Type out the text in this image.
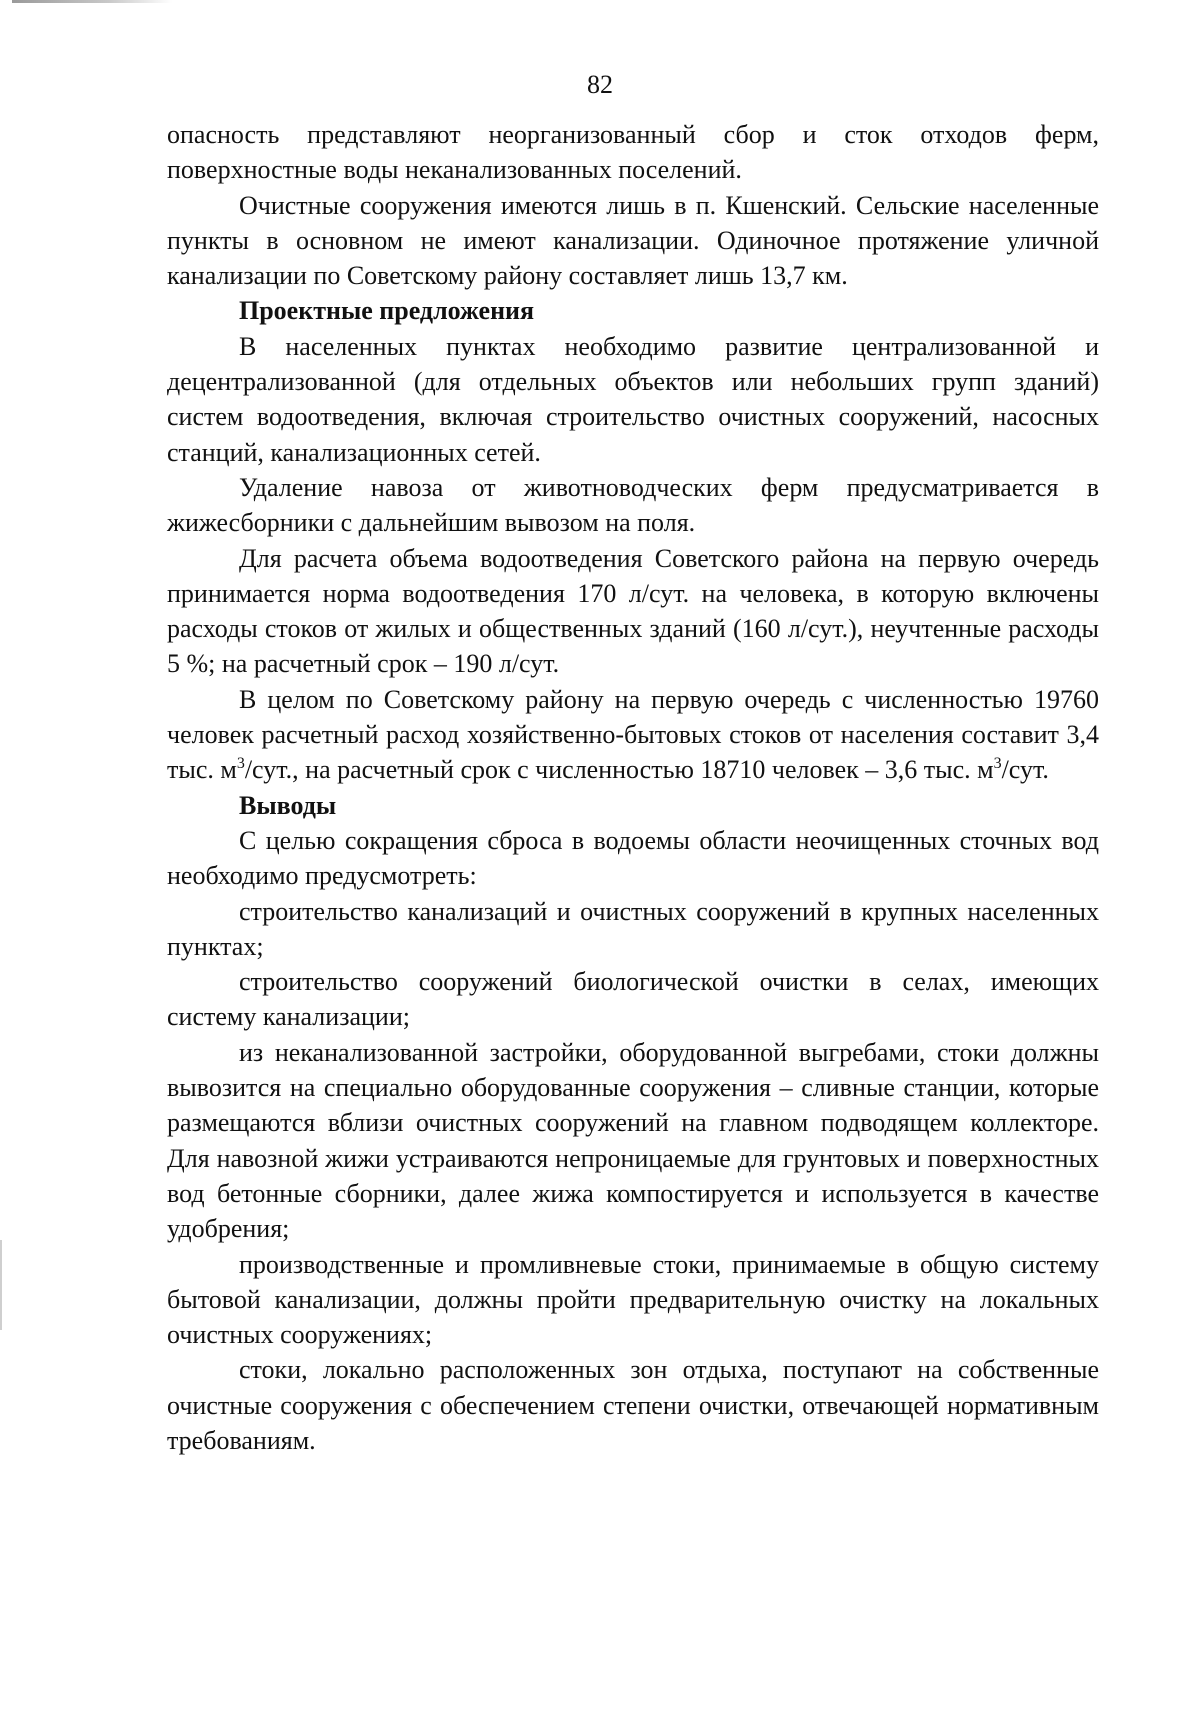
82

опасность представляют неорганизованный сбор и сток отходов ферм, поверхностные воды неканализованных поселений.

Очистные сооружения имеются лишь в п. Кшенский. Сельские населенные пункты в основном не имеют канализации. Одиночное протяжение уличной канализации по Советскому району составляет лишь 13,7 км.

Проектные предложения

В населенных пунктах необходимо развитие централизованной и децентрализованной (для отдельных объектов или небольших групп зданий) систем водоотведения, включая строительство очистных сооружений, насосных станций, канализационных сетей.

Удаление навоза от животноводческих ферм предусматривается в жижесборники с дальнейшим вывозом на поля.

Для расчета объема водоотведения Советского района на первую очередь принимается норма водоотведения 170 л/сут. на человека, в которую включены расходы стоков от жилых и общественных зданий (160 л/сут.), неучтенные расходы 5 %; на расчетный срок – 190 л/сут.

В целом по Советскому району на первую очередь с численностью 19760 человек расчетный расход хозяйственно-бытовых стоков от населения составит 3,4 тыс. $м^3$/сут., на расчетный срок с численностью 18710 человек – 3,6 тыс. $м^3$/сут.

Выводы

С целью сокращения сброса в водоемы области неочищенных сточных вод необходимо предусмотреть:

строительство канализаций и очистных сооружений в крупных населенных пунктах;

строительство сооружений биологической очистки в селах, имеющих систему канализации;

из неканализованной застройки, оборудованной выгребами, стоки должны вывозится на специально оборудованные сооружения – сливные станции, которые размещаются вблизи очистных сооружений на главном подводящем коллекторе. Для навозной жижи устраиваются непроницаемые для грунтовых и поверхностных вод бетонные сборники, далее жижа компостируется и используется в качестве удобрения;

производственные и промливневые стоки, принимаемые в общую систему бытовой канализации, должны пройти предварительную очистку на локальных очистных сооружениях;

стоки, локально расположенных зон отдыха, поступают на собственные очистные сооружения с обеспечением степени очистки, отвечающей нормативным требованиям.
